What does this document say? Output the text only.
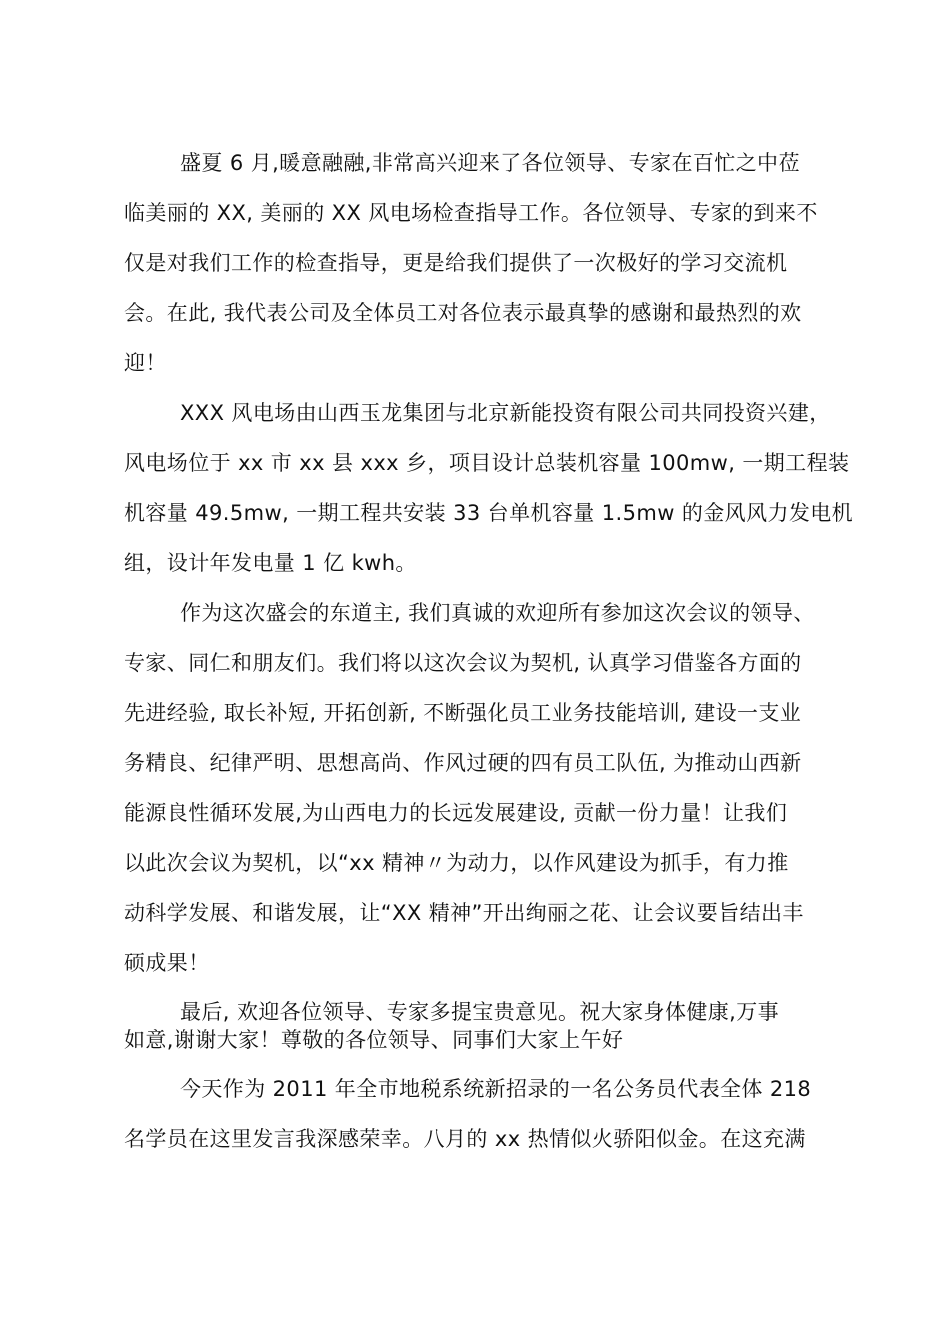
盛夏 6 月,暖意融融,非常高兴迎来了各位领导、专家在百忙之中莅
临美丽的 XX, 美丽的 XX 风电场检查指导工作。各位领导、专家的到来不
仅是对我们工作的检查指导，更是给我们提供了一次极好的学习交流机
会。在此, 我代表公司及全体员工对各位表示最真挚的感谢和最热烈的欢
迎！

XXX 风电场由山西玉龙集团与北京新能投资有限公司共同投资兴建，
风电场位于 xx 市 xx 县 xxx 乡，项目设计总装机容量 100mw, 一期工程装
机容量 49.5mw, 一期工程共安装 33 台单机容量 1.5mw 的金风风力发电机
组，设计年发电量 1 亿 kwh。

作为这次盛会的东道主, 我们真诚的欢迎所有参加这次会议的领导、
专家、同仁和朋友们。我们将以这次会议为契机, 认真学习借鉴各方面的
先进经验, 取长补短, 开拓创新, 不断强化员工业务技能培训, 建设一支业
务精良、纪律严明、思想高尚、作风过硬的四有员工队伍, 为推动山西新
能源良性循环发展,为山西电力的长远发展建设, 贡献一份力量！让我们
以此次会议为契机，以“xx 精神〃为动力，以作风建设为抓手，有力推
动科学发展、和谐发展，让“XX 精神”开出绚丽之花、让会议要旨结出丰
硕成果！

最后, 欢迎各位领导、专家多提宝贵意见。祝大家身体健康,万事
如意,谢谢大家！尊敬的各位领导、同事们大家上午好

今天作为 2011 年全市地税系统新招录的一名公务员代表全体 218
名学员在这里发言我深感荣幸。八月的 xx 热情似火骄阳似金。在这充满
